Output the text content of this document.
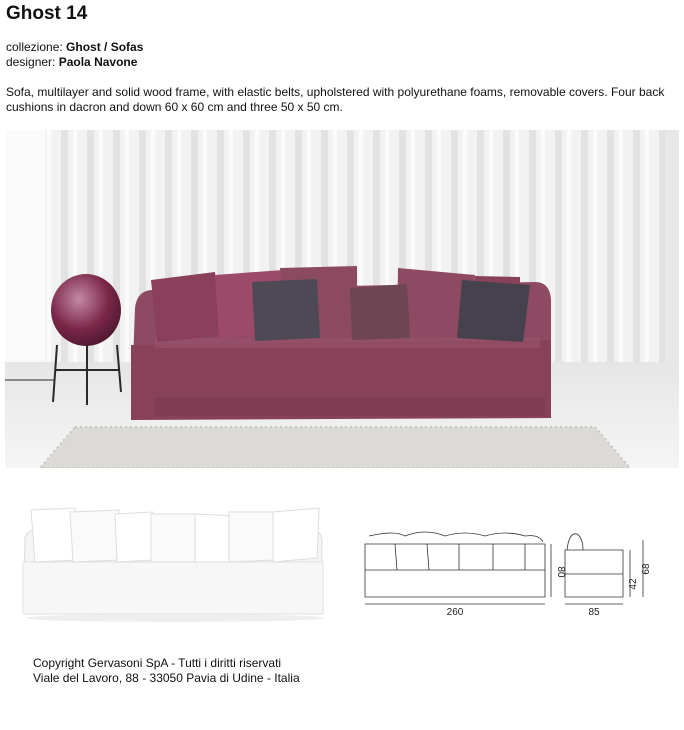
Ghost 14
collezione: Ghost / Sofas
designer: Paola Navone
Sofa, multilayer and solid wood frame, with elastic belts, upholstered with polyurethane foams, removable covers. Four back cushions in dacron and down 60 x 60 cm and three 50 x 50 cm.
260
80
85
42
68
Copyright Gervasoni SpA - Tutti i diritti riservati
Viale del Lavoro, 88 - 33050 Pavia di Udine - Italia
